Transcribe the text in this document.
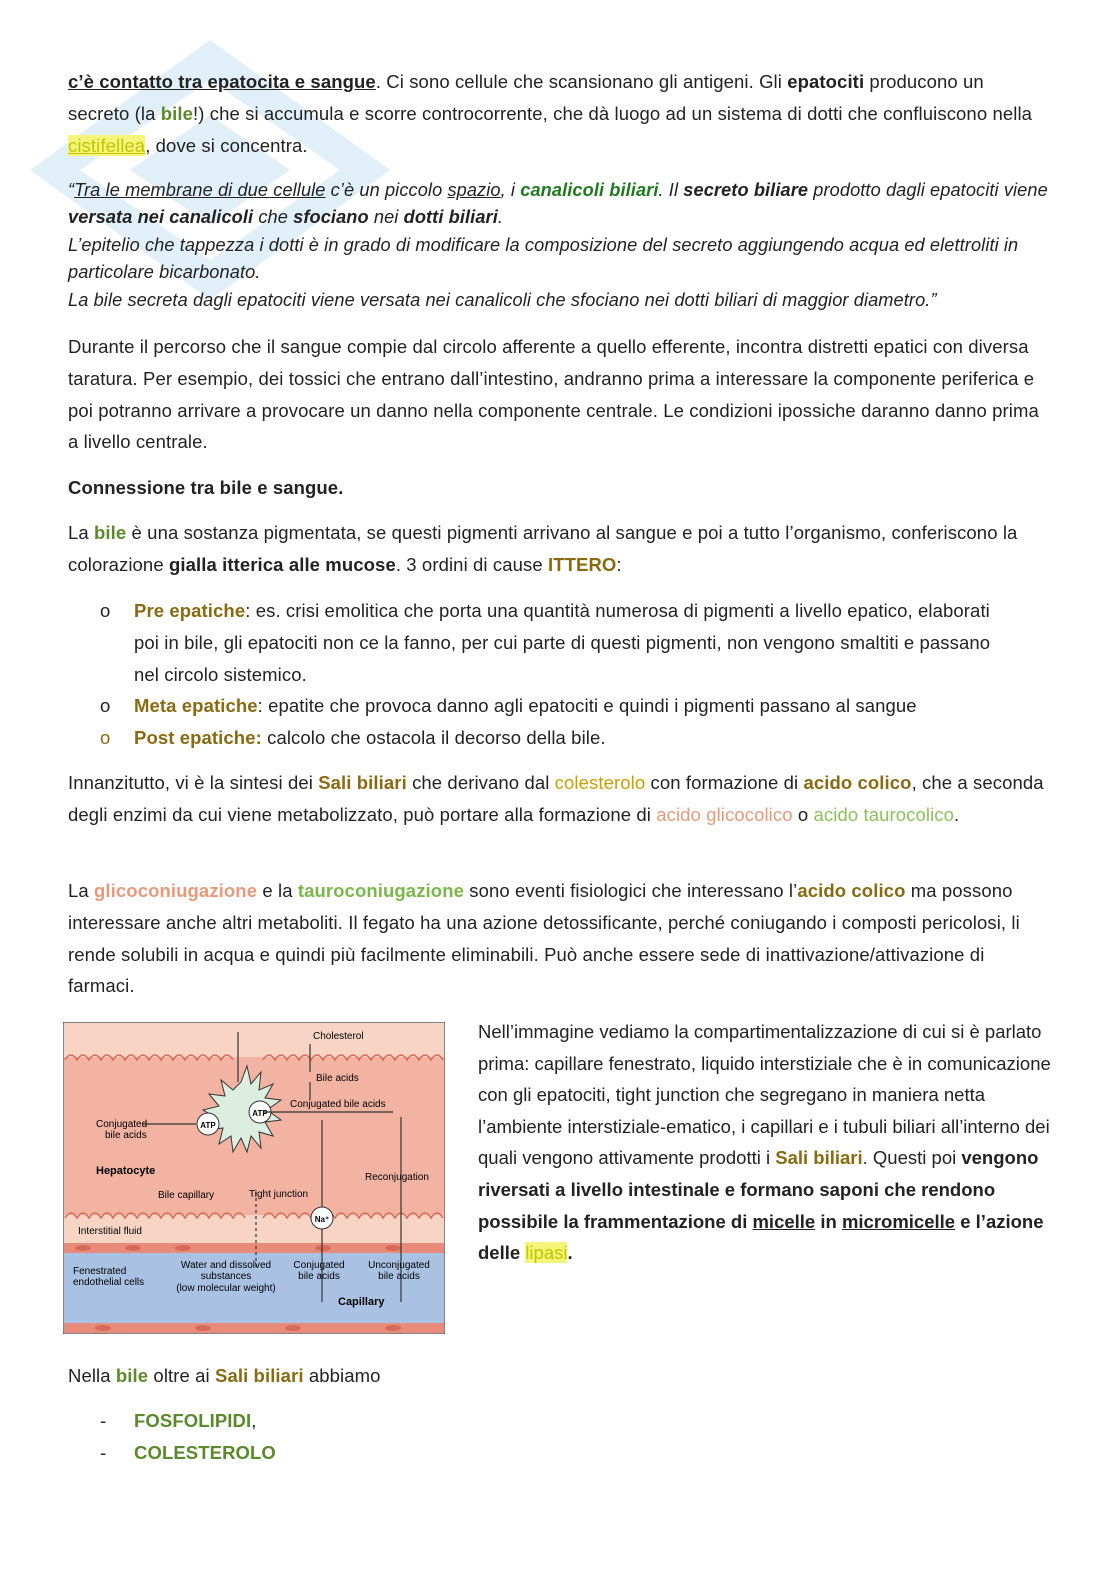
c’è contatto tra epatocita e sangue. Ci sono cellule che scansionano gli antigeni. Gli epatociti producono un secreto (la bile!) che si accumula e scorre controcorrente, che dà luogo ad un sistema di dotti che confluiscono nella cistifellea, dove si concentra.

“Tra le membrane di due cellule c’è un piccolo spazio, i canalicoli biliari. Il secreto biliare prodotto dagli epatociti viene versata nei canalicoli che sfociano nei dotti biliari.

L’epitelio che tappezza i dotti è in grado di modificare la composizione del secreto aggiungendo acqua ed elettroliti in particolare bicarbonato.

La bile secreta dagli epatociti viene versata nei canalicoli che sfociano nei dotti biliari di maggior diametro.”

Durante il percorso che il sangue compie dal circolo afferente a quello efferente, incontra distretti epatici con diversa taratura. Per esempio, dei tossici che entrano dall’intestino, andranno prima a interessare la componente periferica e poi potranno arrivare a provocare un danno nella componente centrale. Le condizioni ipossiche daranno danno prima a livello centrale.

Connessione tra bile e sangue.

La bile è una sostanza pigmentata, se questi pigmenti arrivano al sangue e poi a tutto l’organismo, conferiscono la colorazione gialla itterica alle mucose. 3 ordini di cause ITTERO:

o Pre epatiche: es. crisi emolitica che porta una quantità numerosa di pigmenti a livello epatico, elaborati poi in bile, gli epatociti non ce la fanno, per cui parte di questi pigmenti, non vengono smaltiti e passano nel circolo sistemico.
o Meta epatiche: epatite che provoca danno agli epatociti e quindi i pigmenti passano al sangue
o Post epatiche: calcolo che ostacola il decorso della bile.

Innanzitutto, vi è la sintesi dei Sali biliari che derivano dal colesterolo con formazione di acido colico, che a seconda degli enzimi da cui viene metabolizzato, può portare alla formazione di acido glicocolico o acido taurocolico.

La glicoconiugazione e la tauroconiugazione sono eventi fisiologici che interessano l’acido colico ma possono interessare anche altri metaboliti. Il fegato ha una azione detossificante, perché coniugando i composti pericolosi, li rende solubili in acqua e quindi più facilmente eliminabili. Può anche essere sede di inattivazione/attivazione di farmaci.

ATP
ATP
Na⁺
Cholesterol
Bile acids
Conjugated bile acids
Conjugated
bile acids
Hepatocyte
Reconjugation
Bile capillary	Tight junction
Interstitial fluid
Fenestrated
endothelial cells
Water and dissolved
substances
(low molecular weight)
Conjugated
bile acids
Unconjugated
bile acids
Capillary

Nell’immagine vediamo la compartimentalizzazione di cui si è parlato prima: capillare fenestrato, liquido interstiziale che è in comunicazione con gli epatociti, tight junction che segregano in maniera netta l’ambiente interstiziale-ematico, i capillari e i tubuli biliari all’interno dei quali vengono attivamente prodotti i Sali biliari. Questi poi vengono riversati a livello intestinale e formano saponi che rendono possibile la frammentazione di micelle in micromicelle e l’azione delle lipasi.

Nella bile oltre ai Sali biliari abbiamo

- FOSFOLIPIDI,
- COLESTEROLO
